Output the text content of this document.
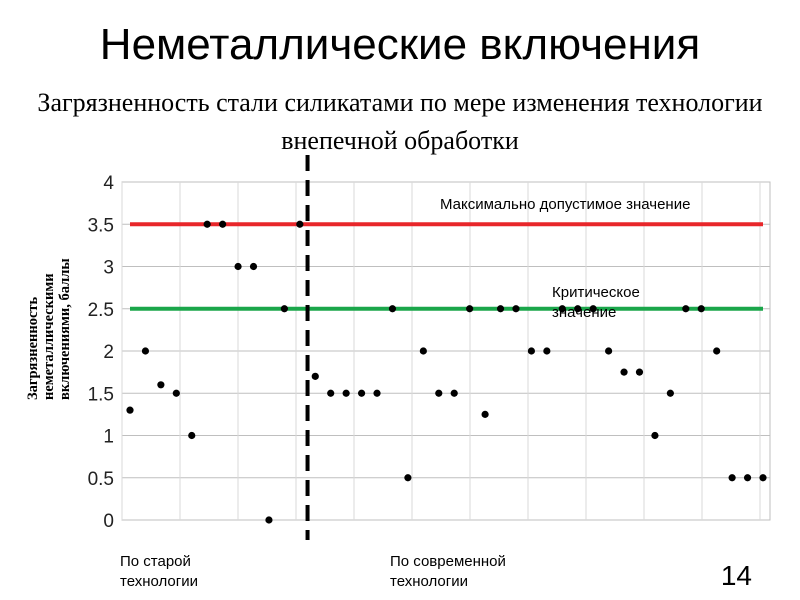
Неметаллические включения
Загрязненность стали силикатами по мере изменения технологии внепечной обработки
Загрязненность неметаллическими включениями, баллы
0
0.5
1
1.5
2
2.5
3
3.5
4
Максимально допустимое значение
Критическое значение
По старой технологии
По современной технологии	14
